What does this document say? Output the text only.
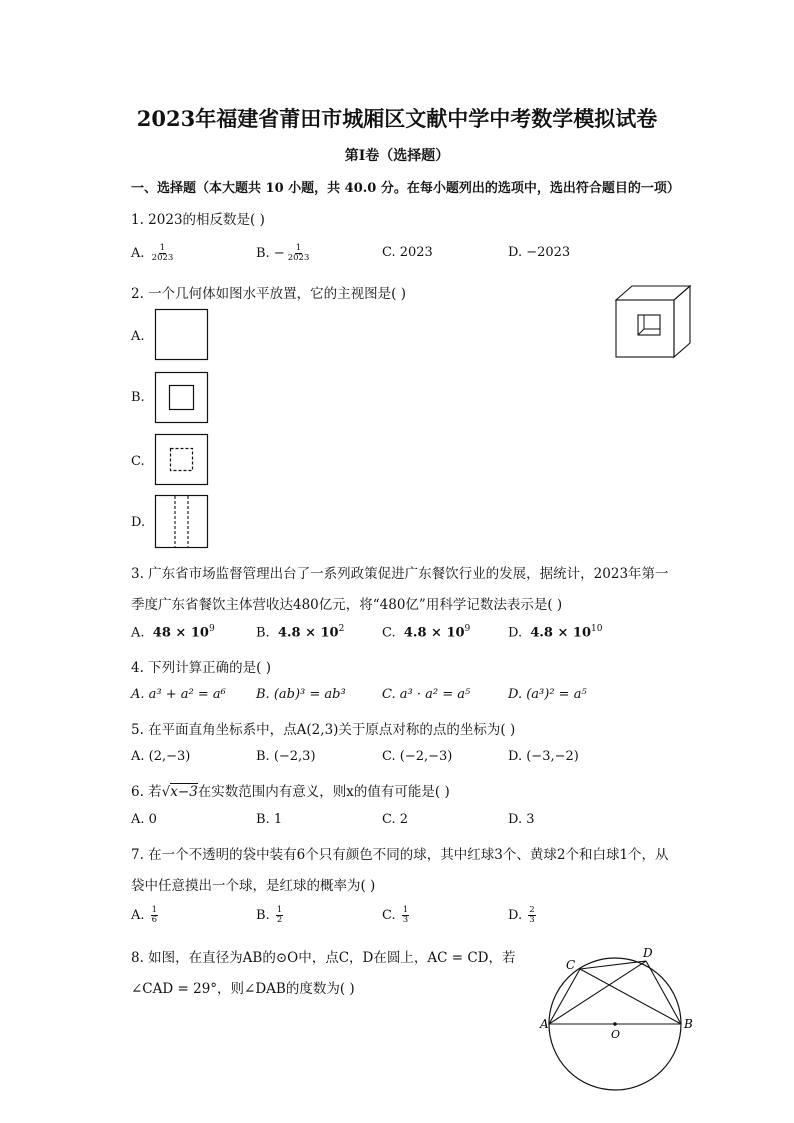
2023年福建省莆田市城厢区文献中学中考数学模拟试卷
第Ⅰ卷（选择题）
一、选择题（本大题共 10 小题，共 40.0 分。在每小题列出的选项中，选出符合题目的一项）
1. 2023的相反数是( )
A. $\frac{1}{2023}$	B. − $\frac{1}{2023}$	C. 2023	D. −2023
2. 一个几何体如图水平放置，它的主视图是( )
A.
B.
C.
D.
3. 广东省市场监督管理出台了一系列政策促进广东餐饮行业的发展，据统计，2023年第一
季度广东省餐饮主体营收达480亿元，将“480亿”用科学记数法表示是( )
A. $48 \times 10^9$	B. $4.8 \times 10^2$	C. $4.8 \times 10^9$	D. $4.8 \times 10^{10}$
4. 下列计算正确的是( )
A. a³ + a² = a⁶ B. (ab)³ = ab³	C. a³ · a² = a⁵	D. (a³)² = a⁵
5. 在平面直角坐标系中，点A(2,3)关于原点对称的点的坐标为( )
A. (2,−3)	B. (−2,3)	C. (−2,−3)	D. (−3,−2)
6. 若√x−3在实数范围内有意义，则x的值有可能是( )
A. 0	B. 1	C. 2	D. 3
7. 在一个不透明的袋中装有6个只有颜色不同的球，其中红球3个、黄球2个和白球1个，从
袋中任意摸出一个球，是红球的概率为( )
A. $\frac{1}{6}$	B. $\frac{1}{2}$	C. $\frac{1}{3}$	D. $\frac{2}{3}$
8. 如图，在直径为AB的⊙O中，点C，D在圆上，AC = CD，若
∠CAD = 29°，则∠DAB的度数为( )
A	B
C
D
O
